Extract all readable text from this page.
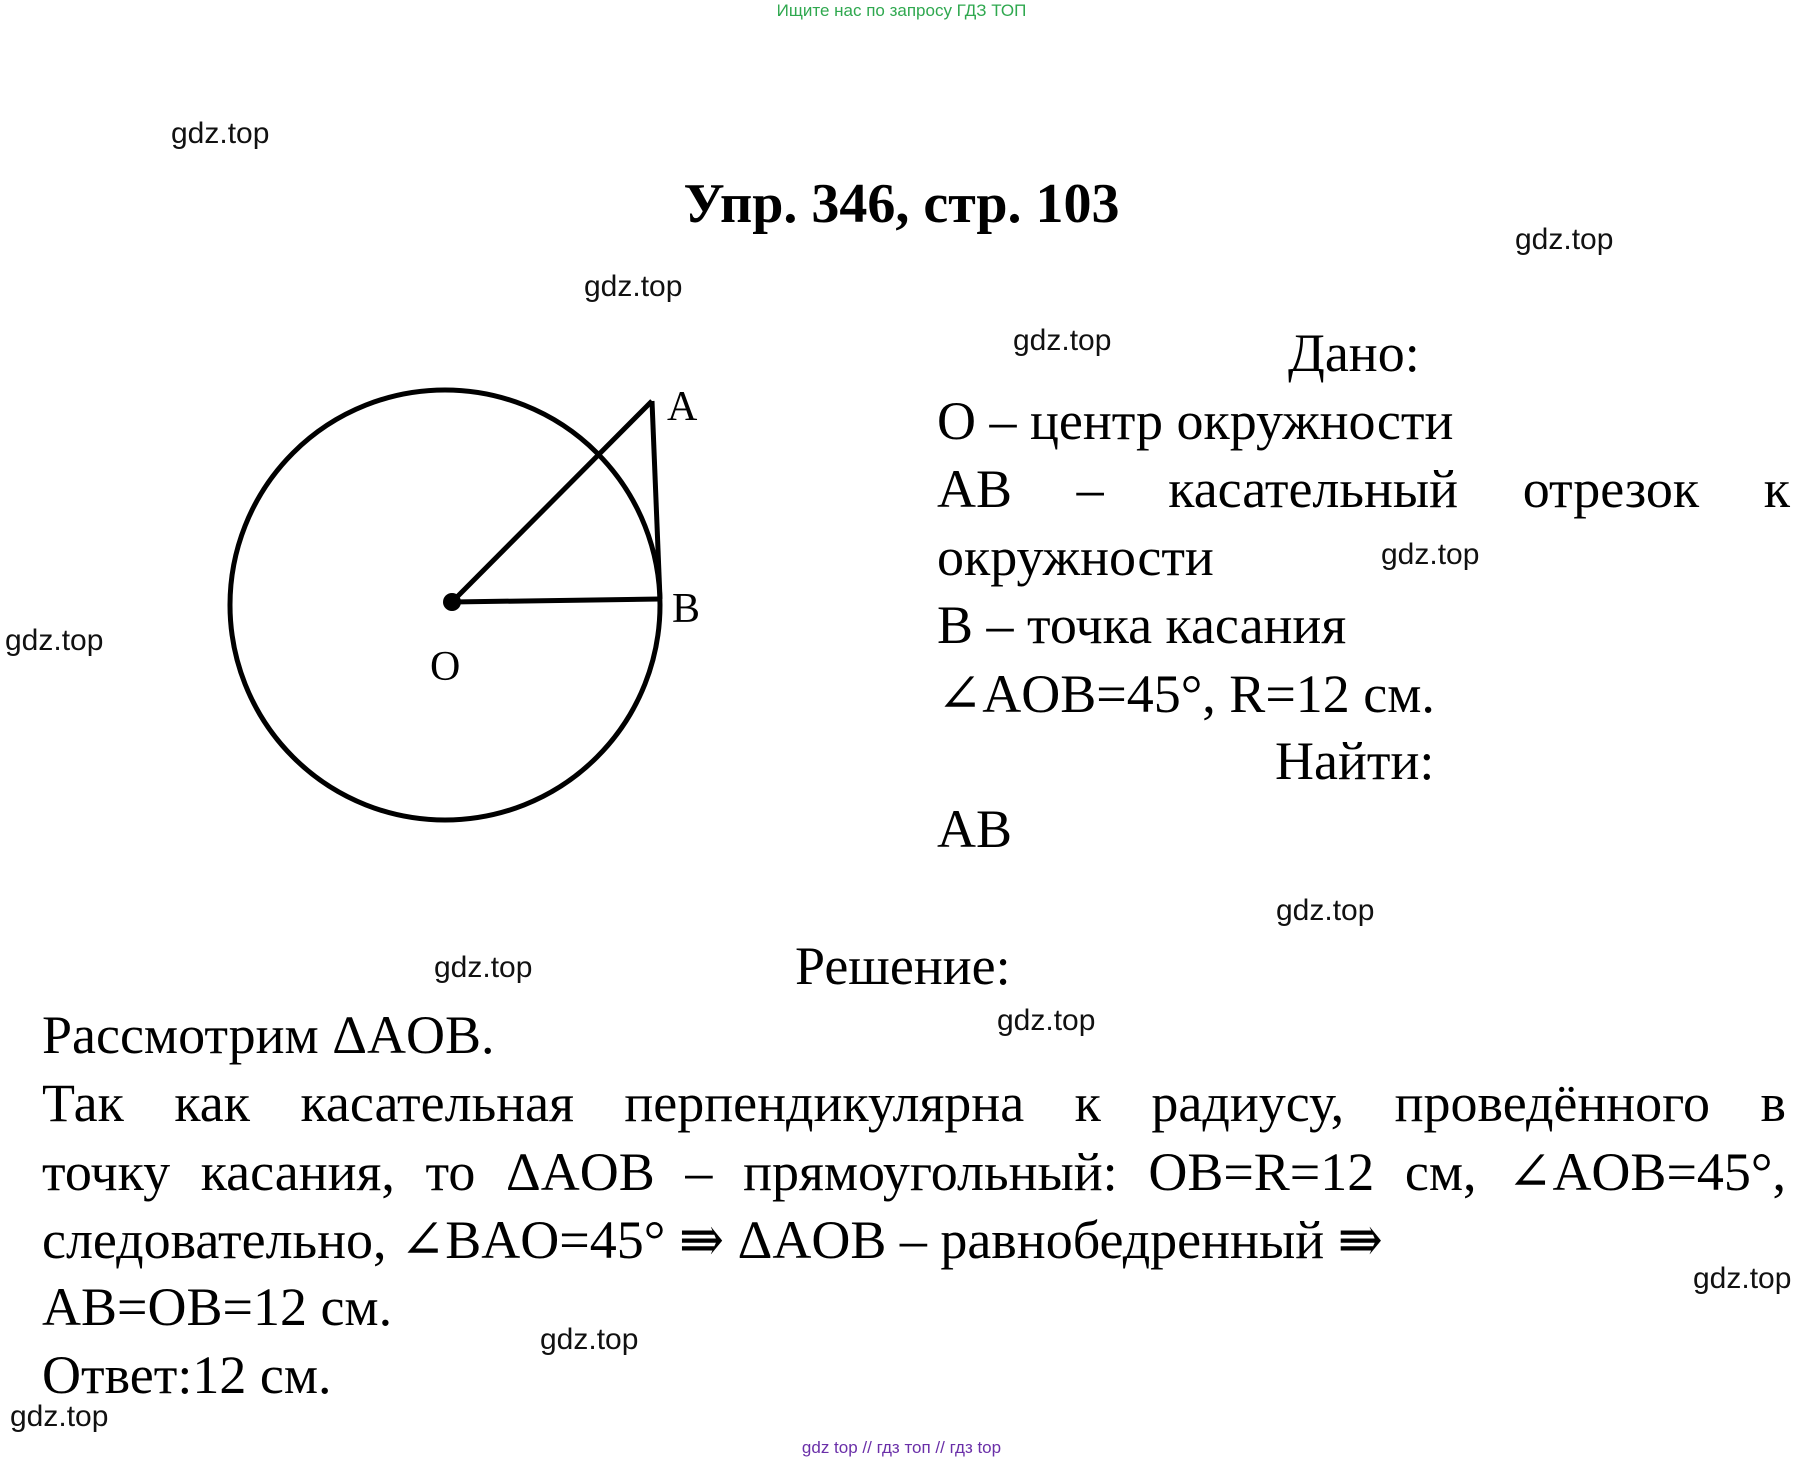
Ищите нас по запросу ГДЗ ТОП
gdz top // гдз топ // гдз top
Упр. 346, стр. 103
A
B
O
Дано:
O – центр окружности
AB – касательный отрезок к
окружности
B – точка касания
∠AOB=45°, R=12 см.
Найти:
AB
Решение:
Рассмотрим ΔAOB.
Так как касательная перпендикулярна к радиусу, проведённого в
точку касания, то ΔAOB – прямоугольный: OB=R=12 см, ∠AOB=45°,
следовательно, ∠BAO=45° ⇛ ΔAOB – равнобедренный ⇛
AB=OB=12 см.
Ответ:12 см.
gdz.top
gdz.top
gdz.top
gdz.top
gdz.top
gdz.top
gdz.top
gdz.top
gdz.top
gdz.top
gdz.top
gdz.top
